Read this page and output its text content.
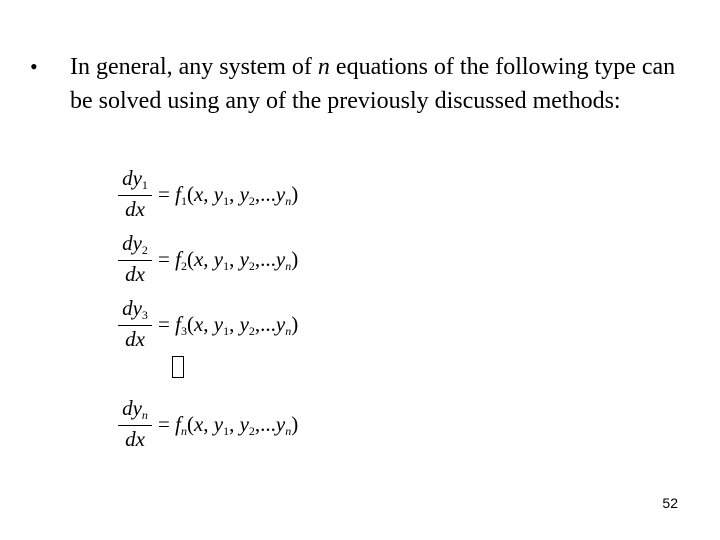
• In general, any system of n equations of the following type can be solved using any of the previously discussed methods:
$dy_1$
dx
= $f_1(x$, $y_1$, $y_2,...yn$)
$dy_2$
dx
= $f_2(x$, $y_1$, $y_2,...yn$)
$dy_3$
dx
= $f_3(x$, $y_1$, $y_2,...yn$)
dyn
dx
= fn(x, $y_1$, $y_2,...yn$)
52
